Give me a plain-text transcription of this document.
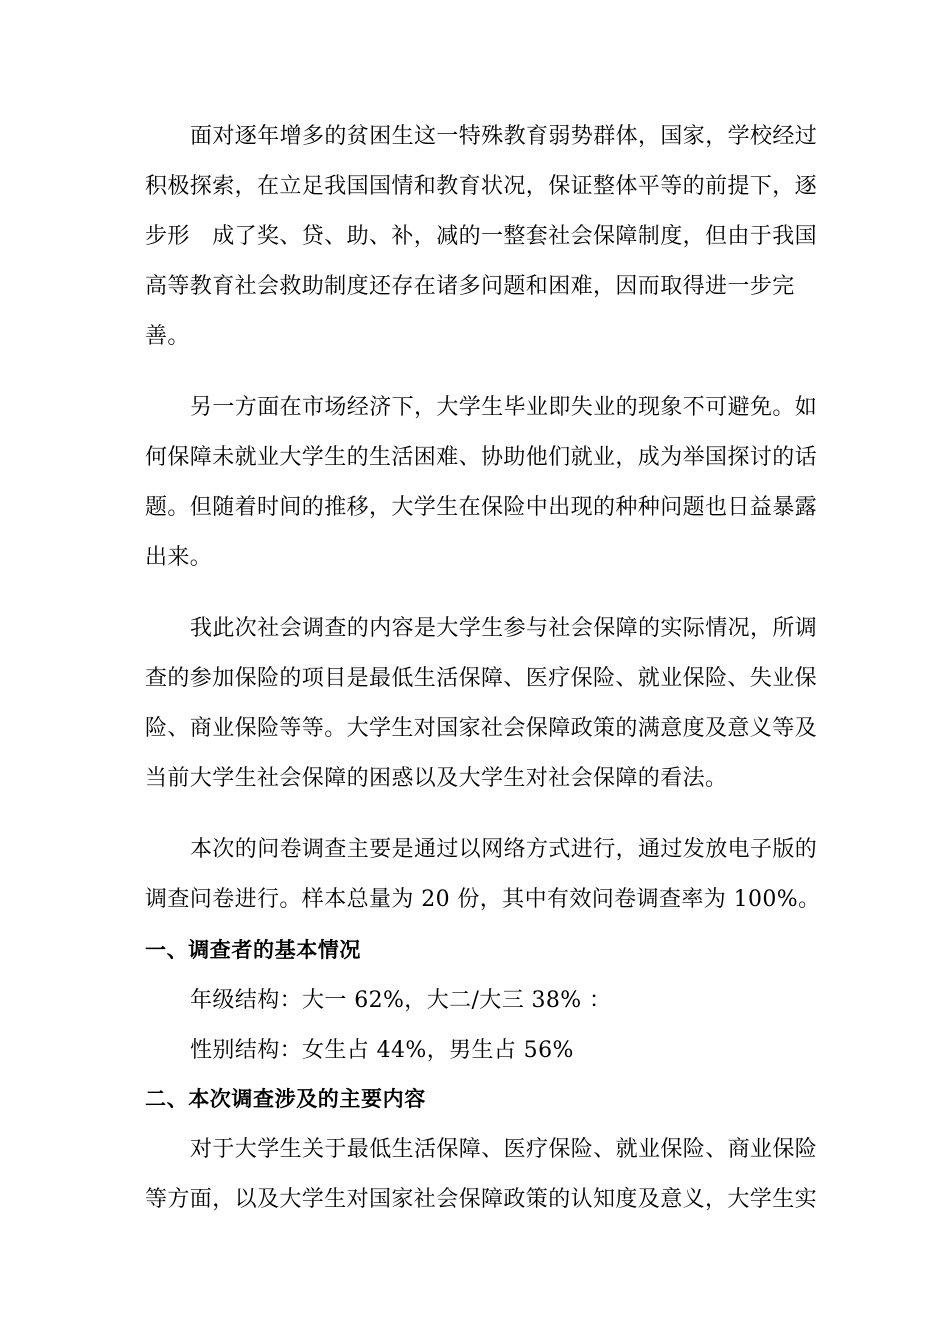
面对逐年增多的贫困生这一特殊教育弱势群体，国家，学校经过
积极探索，在立足我国国情和教育状况，保证整体平等的前提下，逐
步形　成了奖、贷、助、补，减的一整套社会保障制度，但由于我国
高等教育社会救助制度还存在诸多问题和困难，因而取得进一步完
善。
另一方面在市场经济下，大学生毕业即失业的现象不可避免。如
何保障未就业大学生的生活困难、协助他们就业，成为举国探讨的话
题。但随着时间的推移，大学生在保险中出现的种种问题也日益暴露
出来。
我此次社会调查的内容是大学生参与社会保障的实际情况，所调
查的参加保险的项目是最低生活保障、医疗保险、就业保险、失业保
险、商业保险等等。大学生对国家社会保障政策的满意度及意义等及
当前大学生社会保障的困惑以及大学生对社会保障的看法。
本次的问卷调查主要是通过以网络方式进行，通过发放电子版的
调查问卷进行。样本总量为 20 份，其中有效问卷调查率为 100%。
一、调查者的基本情况
年级结构：大一 62%，大二/大三 38% ：
性别结构：女生占 44%，男生占 56%
二、本次调查涉及的主要内容
对于大学生关于最低生活保障、医疗保险、就业保险、商业保险
等方面，以及大学生对国家社会保障政策的认知度及意义，大学生实
